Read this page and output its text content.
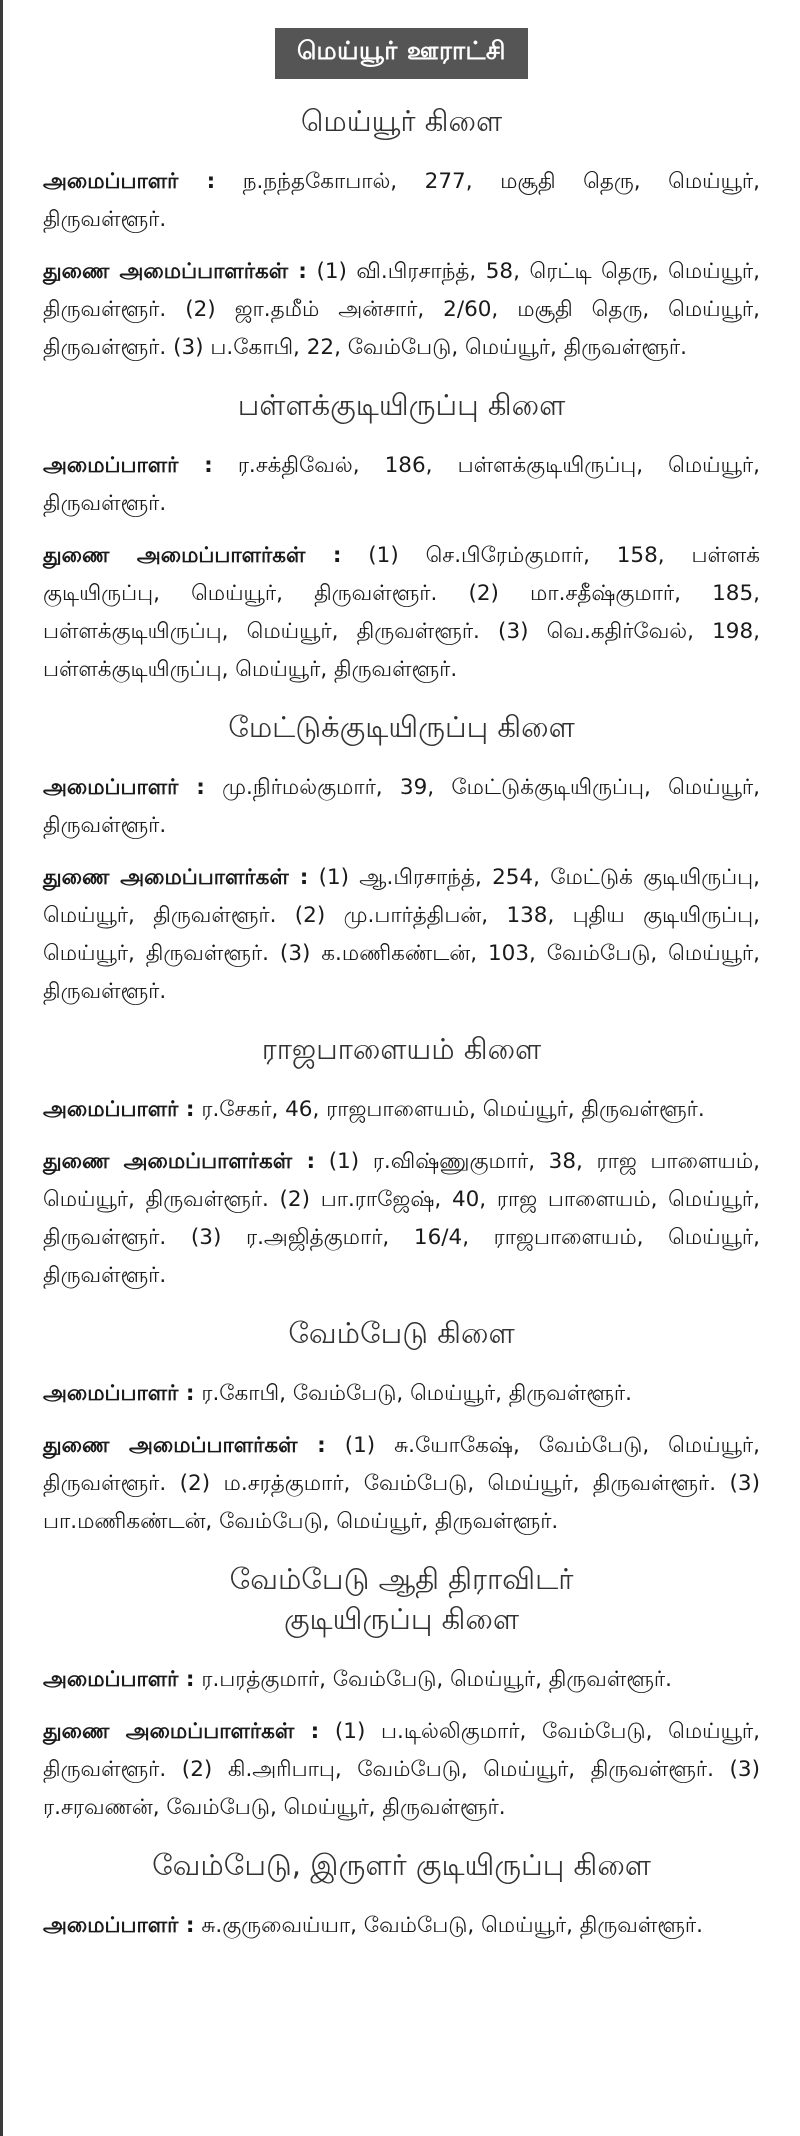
மெய்யூர் ஊராட்சி
மெய்யூர் கிளை

அமைப்பாளர் : ந.நந்தகோபால், 277, மசூதி தெரு, மெய்யூர், திருவள்ளூர்.

துணை அமைப்பாளர்கள் : (1) வி.பிரசாந்த், 58, ரெட்டி தெரு, மெய்யூர், திருவள்ளூர். (2) ஜா.தமீம் அன்சார், 2/60, மசூதி தெரு, மெய்யூர், திருவள்ளூர். (3) ப.கோபி, 22, வேம்பேடு, மெய்யூர், திருவள்ளூர்.

பள்ளக்குடியிருப்பு கிளை

அமைப்பாளர் : ர.சக்திவேல், 186, பள்ளக்குடியிருப்பு, மெய்யூர், திருவள்ளூர்.

துணை அமைப்பாளர்கள் : (1) செ.பிரேம்குமார், 158, பள்ளக் குடியிருப்பு, மெய்யூர், திருவள்ளூர். (2) மா.சதீஷ்குமார், 185, பள்ளக்குடியிருப்பு, மெய்யூர், திருவள்ளூர். (3) வெ.கதிர்வேல், 198, பள்ளக்குடியிருப்பு, மெய்யூர், திருவள்ளூர்.

மேட்டுக்குடியிருப்பு கிளை

அமைப்பாளர் : மு.நிர்மல்குமார், 39, மேட்டுக்குடியிருப்பு, மெய்யூர், திருவள்ளூர்.

துணை அமைப்பாளர்கள் : (1) ஆ.பிரசாந்த், 254, மேட்டுக் குடியிருப்பு, மெய்யூர், திருவள்ளூர். (2) மு.பார்த்திபன், 138, புதிய குடியிருப்பு, மெய்யூர், திருவள்ளூர். (3) க.மணிகண்டன், 103, வேம்பேடு, மெய்யூர், திருவள்ளூர்.

ராஜபாளையம் கிளை

அமைப்பாளர் : ர.சேகர், 46, ராஜபாளையம், மெய்யூர், திருவள்ளூர்.

துணை அமைப்பாளர்கள் : (1) ர.விஷ்ணுகுமார், 38, ராஜ பாளையம், மெய்யூர், திருவள்ளூர். (2) பா.ராஜேஷ், 40, ராஜ பாளையம், மெய்யூர், திருவள்ளூர். (3) ர.அஜித்குமார், 16/4, ராஜபாளையம், மெய்யூர், திருவள்ளூர்.

வேம்பேடு கிளை

அமைப்பாளர் : ர.கோபி, வேம்பேடு, மெய்யூர், திருவள்ளூர்.

துணை அமைப்பாளர்கள் : (1) சு.யோகேஷ், வேம்பேடு, மெய்யூர், திருவள்ளூர். (2) ம.சரத்குமார், வேம்பேடு, மெய்யூர், திருவள்ளூர். (3) பா.மணிகண்டன், வேம்பேடு, மெய்யூர், திருவள்ளூர்.

வேம்பேடு ஆதி திராவிடர்
குடியிருப்பு கிளை

அமைப்பாளர் : ர.பரத்குமார், வேம்பேடு, மெய்யூர், திருவள்ளூர்.

துணை அமைப்பாளர்கள் : (1) ப.டில்லிகுமார், வேம்பேடு, மெய்யூர், திருவள்ளூர். (2) கி.அரிபாபு, வேம்பேடு, மெய்யூர், திருவள்ளூர். (3) ர.சரவணன், வேம்பேடு, மெய்யூர், திருவள்ளூர்.

வேம்பேடு, இருளர் குடியிருப்பு கிளை

அமைப்பாளர் : சு.குருவைய்யா, வேம்பேடு, மெய்யூர், திருவள்ளூர்.
